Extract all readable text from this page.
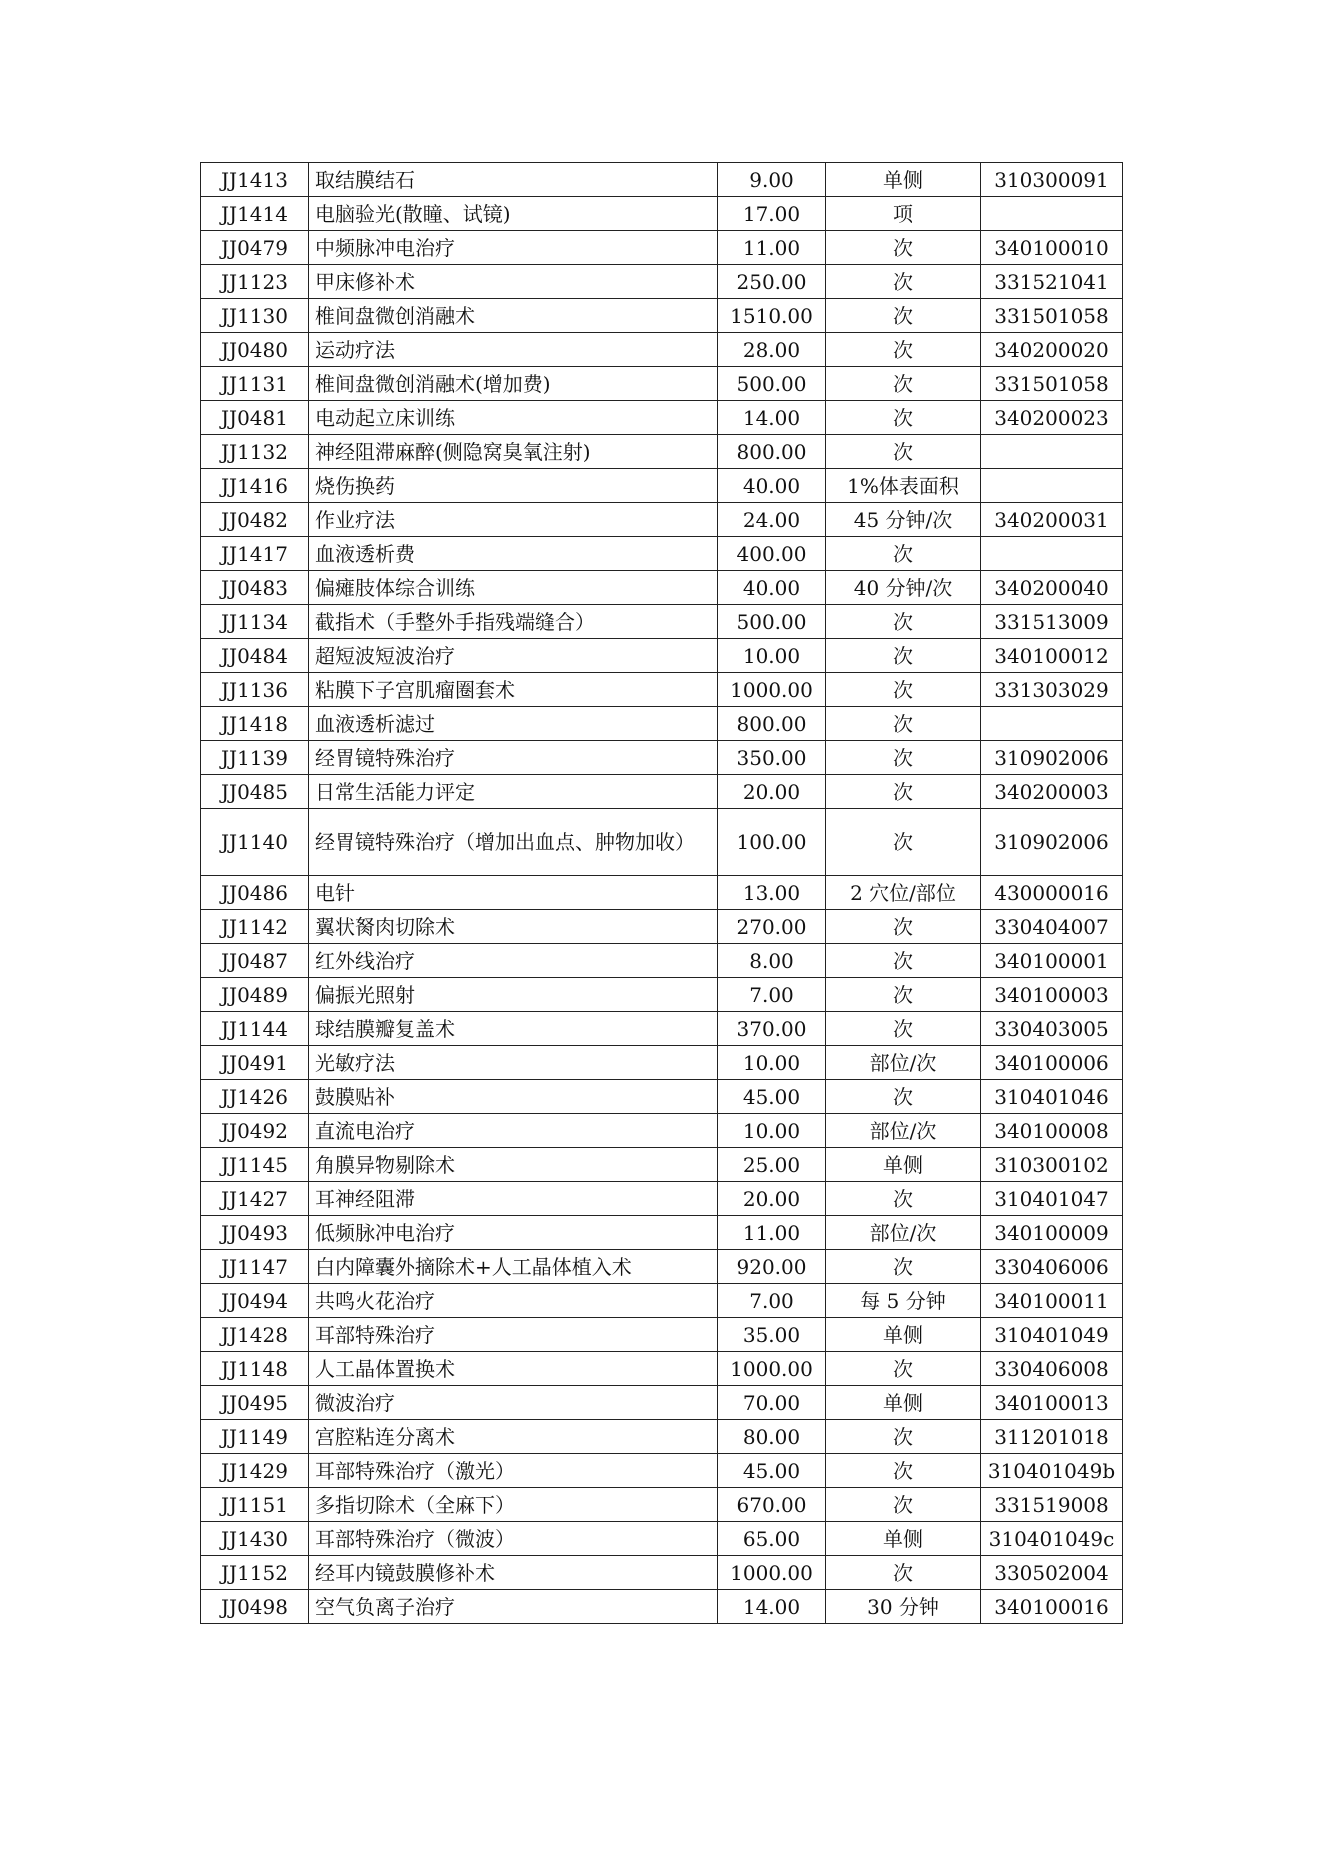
JJ1413	取结膜结石	9.00	单侧	310300091
JJ1414	电脑验光(散瞳、试镜)	17.00	项	
JJ0479	中频脉冲电治疗	11.00	次	340100010
JJ1123	甲床修补术	250.00	次	331521041
JJ1130	椎间盘微创消融术	1510.00	次	331501058
JJ0480	运动疗法	28.00	次	340200020
JJ1131	椎间盘微创消融术(增加费)	500.00	次	331501058
JJ0481	电动起立床训练	14.00	次	340200023
JJ1132	神经阻滞麻醉(侧隐窝臭氧注射)	800.00	次	
JJ1416	烧伤换药	40.00	1%体表面积	
JJ0482	作业疗法	24.00	45 分钟/次	340200031
JJ1417	血液透析费	400.00	次	
JJ0483	偏瘫肢体综合训练	40.00	40 分钟/次	340200040
JJ1134	截指术（手整外手指残端缝合）	500.00	次	331513009
JJ0484	超短波短波治疗	10.00	次	340100012
JJ1136	粘膜下子宫肌瘤圈套术	1000.00	次	331303029
JJ1418	血液透析滤过	800.00	次	
JJ1139	经胃镜特殊治疗	350.00	次	310902006
JJ0485	日常生活能力评定	20.00	次	340200003
JJ1140	经胃镜特殊治疗（增加出血点、肿物加收）	100.00	次	310902006
JJ0486	电针	13.00	2 穴位/部位	430000016
JJ1142	翼状胬肉切除术	270.00	次	330404007
JJ0487	红外线治疗	8.00	次	340100001
JJ0489	偏振光照射	7.00	次	340100003
JJ1144	球结膜瓣复盖术	370.00	次	330403005
JJ0491	光敏疗法	10.00	部位/次	340100006
JJ1426	鼓膜贴补	45.00	次	310401046
JJ0492	直流电治疗	10.00	部位/次	340100008
JJ1145	角膜异物剔除术	25.00	单侧	310300102
JJ1427	耳神经阻滞	20.00	次	310401047
JJ0493	低频脉冲电治疗	11.00	部位/次	340100009
JJ1147	白内障囊外摘除术+人工晶体植入术	920.00	次	330406006
JJ0494	共鸣火花治疗	7.00	每 5 分钟	340100011
JJ1428	耳部特殊治疗	35.00	单侧	310401049
JJ1148	人工晶体置换术	1000.00	次	330406008
JJ0495	微波治疗	70.00	单侧	340100013
JJ1149	宫腔粘连分离术	80.00	次	311201018
JJ1429	耳部特殊治疗（激光）	45.00	次	310401049b
JJ1151	多指切除术（全麻下）	670.00	次	331519008
JJ1430	耳部特殊治疗（微波）	65.00	单侧	310401049c
JJ1152	经耳内镜鼓膜修补术	1000.00	次	330502004
JJ0498	空气负离子治疗	14.00	30 分钟	340100016
